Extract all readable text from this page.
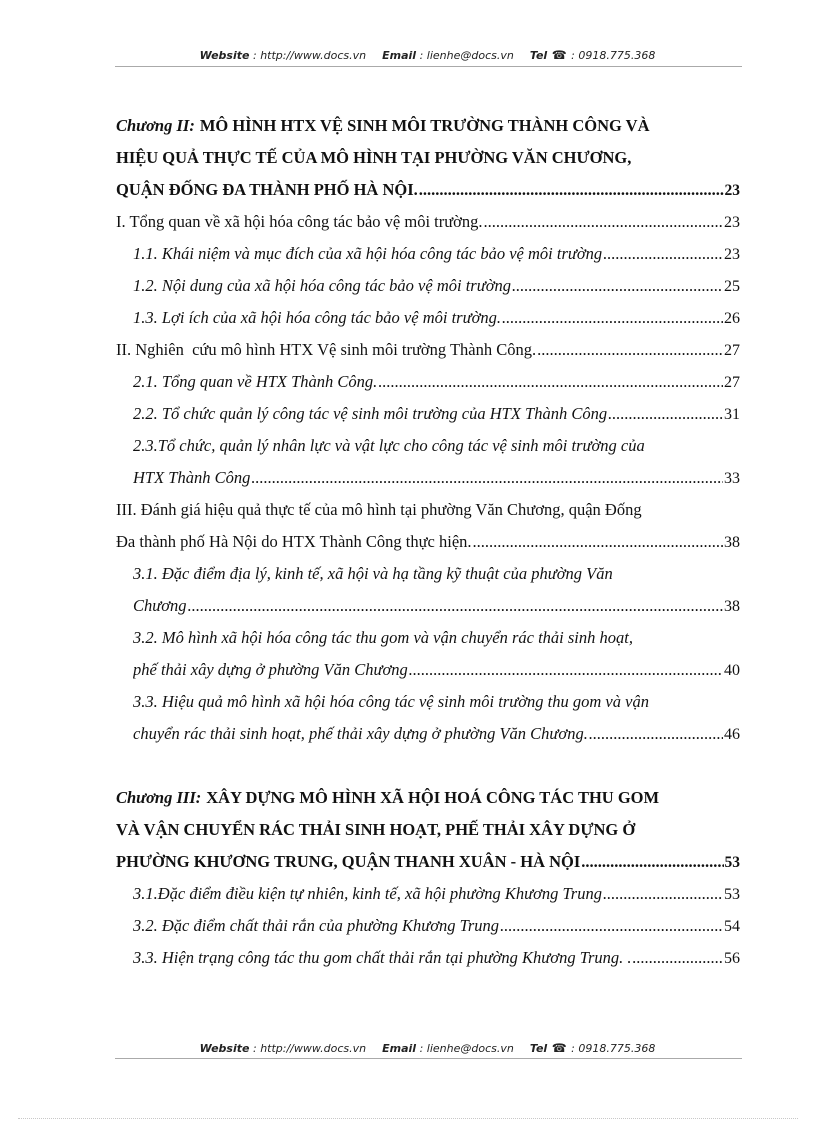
Website : http://www.docs.vn Email : lienhe@docs.vn Tel ☎ : 0918.775.368
Chương II: MÔ HÌNH HTX VỆ SINH MÔI TRƯỜNG THÀNH CÔNG VÀ
HIỆU QUẢ THỰC TẾ CỦA MÔ HÌNH TẠI PHƯỜNG VĂN CHƯƠNG,
QUẬN ĐỐNG ĐA THÀNH PHỐ HÀ NỘI. .....	23
I. Tổng quan về xã hội hóa công tác bảo vệ môi trường. .....	23
1.1. Khái niệm và mục đích của xã hội hóa công tác bảo vệ môi trường .....	23
1.2. Nội dung của xã hội hóa công tác bảo vệ môi trường .....	25
1.3. Lợi ích của xã hội hóa công tác bảo vệ môi trường. .....	26
II. Nghiên  cứu mô hình HTX Vệ sinh môi trường Thành Công. .....	27
2.1. Tổng quan về HTX Thành Công. .....	27
2.2. Tổ chức quản lý công tác vệ sinh môi trường của HTX Thành Công .....	31
2.3.Tổ chức, quản lý nhân lực và vật lực cho công tác vệ sinh môi trường của
HTX Thành Công .....	33
III. Đánh giá hiệu quả thực tế của mô hình tại phường Văn Chương, quận Đống
Đa thành phố Hà Nội do HTX Thành Công thực hiện. .....	38
3.1. Đặc điểm địa lý, kinh tế, xã hội và hạ tầng kỹ thuật của phường Văn
Chương .....	38
3.2. Mô hình xã hội hóa công tác thu gom và vận chuyển rác thải sinh hoạt,
phế thải xây dựng ở phường Văn Chương .....	40
3.3. Hiệu quả mô hình xã hội hóa công tác vệ sinh môi trường thu gom và vận
chuyển rác thải sinh hoạt, phế thải xây dựng ở phường Văn Chương. .....	46
Chương III: XÂY DỰNG MÔ HÌNH XÃ HỘI HOÁ CÔNG TÁC THU GOM
VÀ VẬN CHUYỂN RÁC THẢI SINH HOẠT, PHẾ THẢI XÂY DỰNG Ở
PHƯỜNG KHƯƠNG TRUNG, QUẬN THANH XUÂN - HÀ NỘI .....	53
3.1.Đặc điểm điều kiện tự nhiên, kinh tế, xã hội phường Khương Trung .....	53
3.2. Đặc điểm chất thải rắn của phường Khương Trung .....	54
3.3. Hiện trạng công tác thu gom chất thải rắn tại phường Khương Trung. . .....	56
Website : http://www.docs.vn Email : lienhe@docs.vn Tel ☎ : 0918.775.368
